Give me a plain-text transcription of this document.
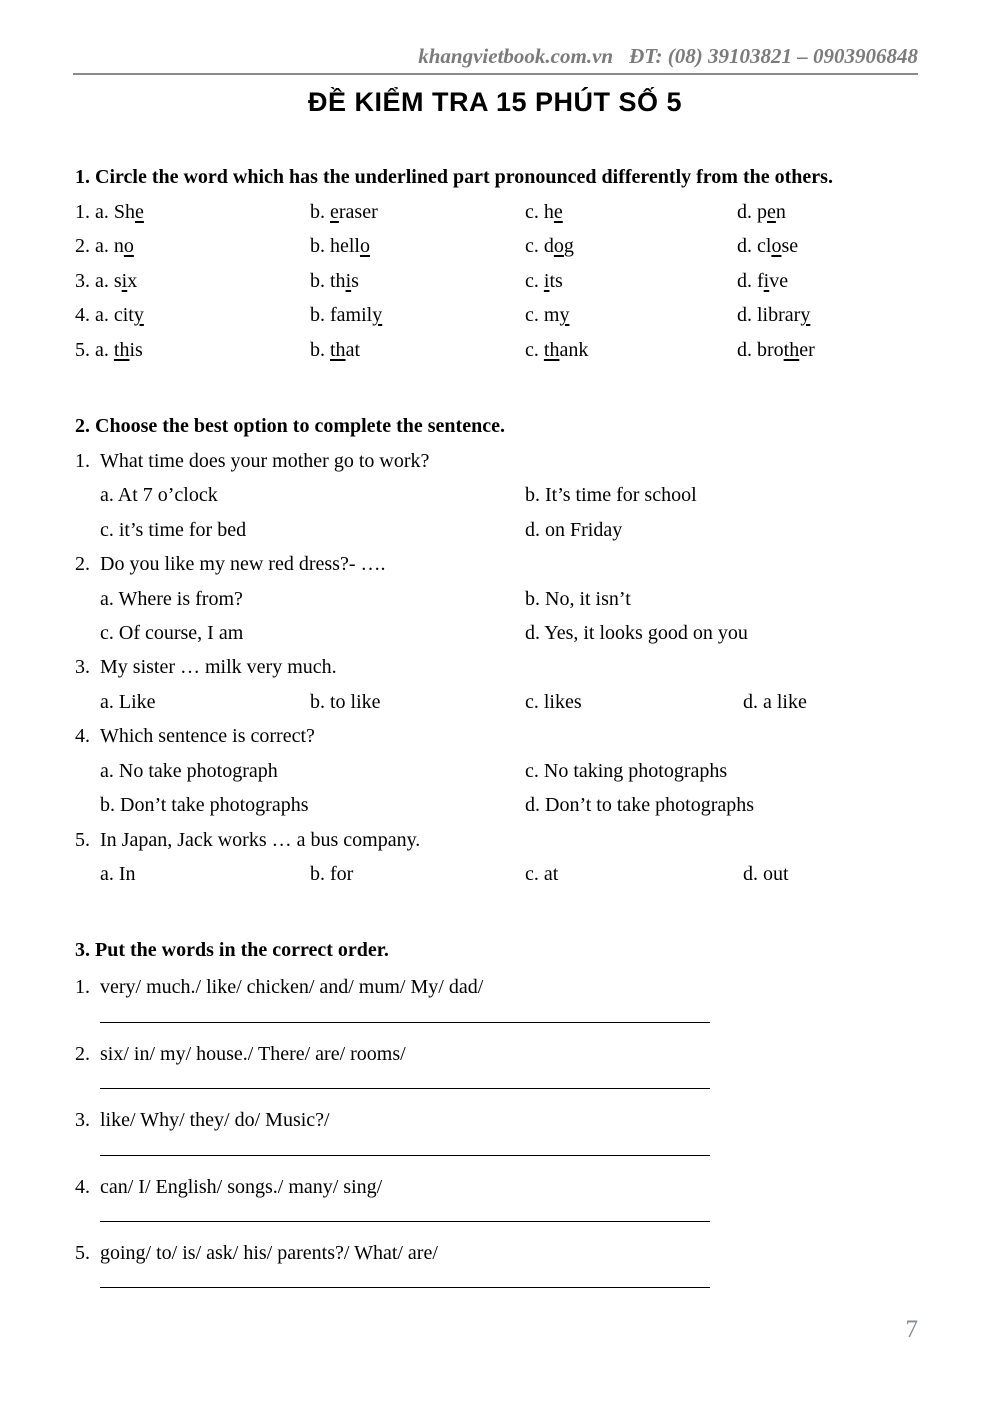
khangvietbook.com.vn ĐT: (08) 39103821 – 0903906848
ĐỀ KIỂM TRA 15 PHÚT SỐ 5

1. Circle the word which has the underlined part pronounced differently from the others.

1. a. She	b. eraser	c. he	d. pen
2. a. no	b. hello	c. dog	d. close
3. a. six	b. this	c. its	d. five
4. a. city	b. family	c. my	d. library
5. a. this	b. that	c. thank	d. brother

2. Choose the best option to complete the sentence.

1. What time does your mother go to work?
a. At 7 o’clock	b. It’s time for school
c. it’s time for bed	d. on Friday
2. Do you like my new red dress?- ….
a. Where is from?	b. No, it isn’t
c. Of course, I am	d. Yes, it looks good on you
3. My sister … milk very much.
a. Like	b. to like	c. likes	d. a like
4. Which sentence is correct?
a. No take photograph	c. No taking photographs
b. Don’t take photographs	d. Don’t to take photographs
5. In Japan, Jack works … a bus company.
a. In	b. for	c. at	d. out

3. Put the words in the correct order.

1. very/ much./ like/ chicken/ and/ mum/ My/ dad/
2. six/ in/ my/ house./ There/ are/ rooms/
3. like/ Why/ they/ do/ Music?/
4. can/ I/ English/ songs./ many/ sing/
5. going/ to/ is/ ask/ his/ parents?/ What/ are/
7
